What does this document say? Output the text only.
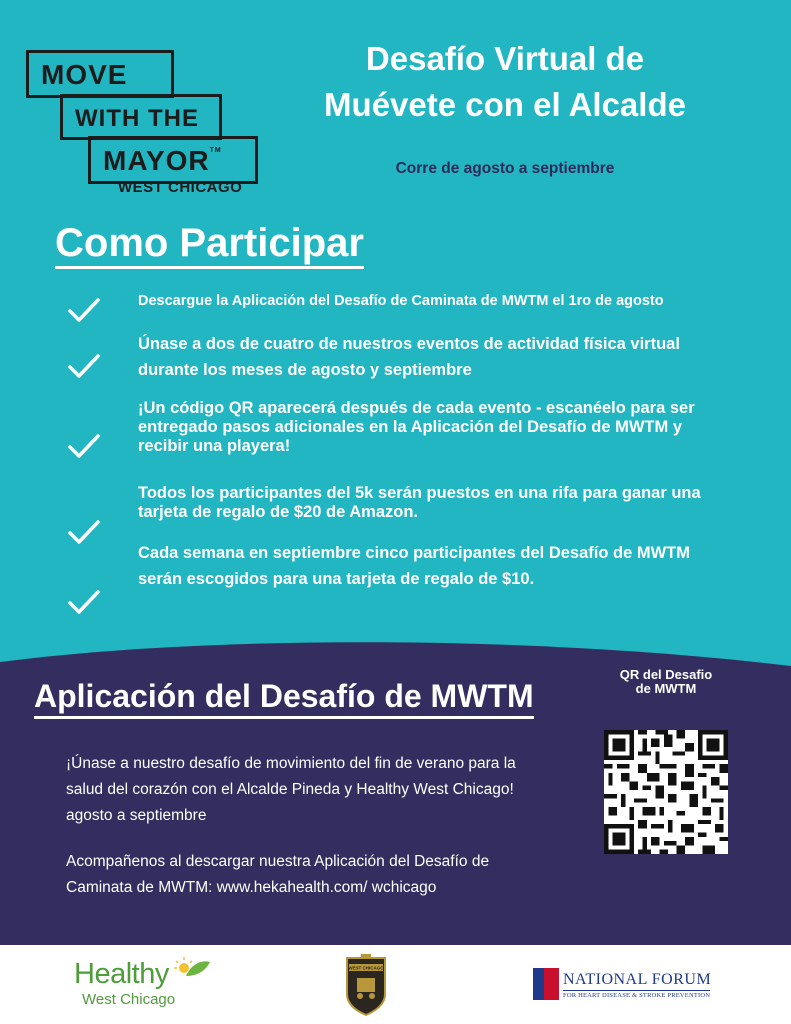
MOVE
WITH THE
MAYOR™
WEST CHICAGO
Desafío Virtual de
Muévete con el Alcalde
Corre de agosto a septiembre
Como Participar
Descargue la Aplicación del Desafío de Caminata de MWTM el 1ro de agosto
Únase a dos de cuatro de nuestros eventos de actividad física virtual durante los meses de agosto y septiembre
¡Un código QR aparecerá después de cada evento - escanéelo para ser entregado pasos adicionales en la Aplicación del Desafío de MWTM y recibir una playera!
Todos los participantes del 5k serán puestos en una rifa para ganar una tarjeta de regalo de $20 de Amazon.
Cada semana en septiembre cinco participantes del Desafío de MWTM serán escogidos para una tarjeta de regalo de $10.
Aplicación del Desafío de MWTM
QR del Desafio de MWTM
¡Únase a nuestro desafío de movimiento del fin de verano para la salud del corazón con el Alcalde Pineda y Healthy West Chicago! agosto a septiembre
Acompañenos al descargar nuestra Aplicación del Desafío de Caminata de MWTM: www.hekahealth.com/ wchicago
Healthy
West Chicago
WEST CHICAGO
NATIONAL FORUM
FOR HEART DISEASE & STROKE PREVENTION
